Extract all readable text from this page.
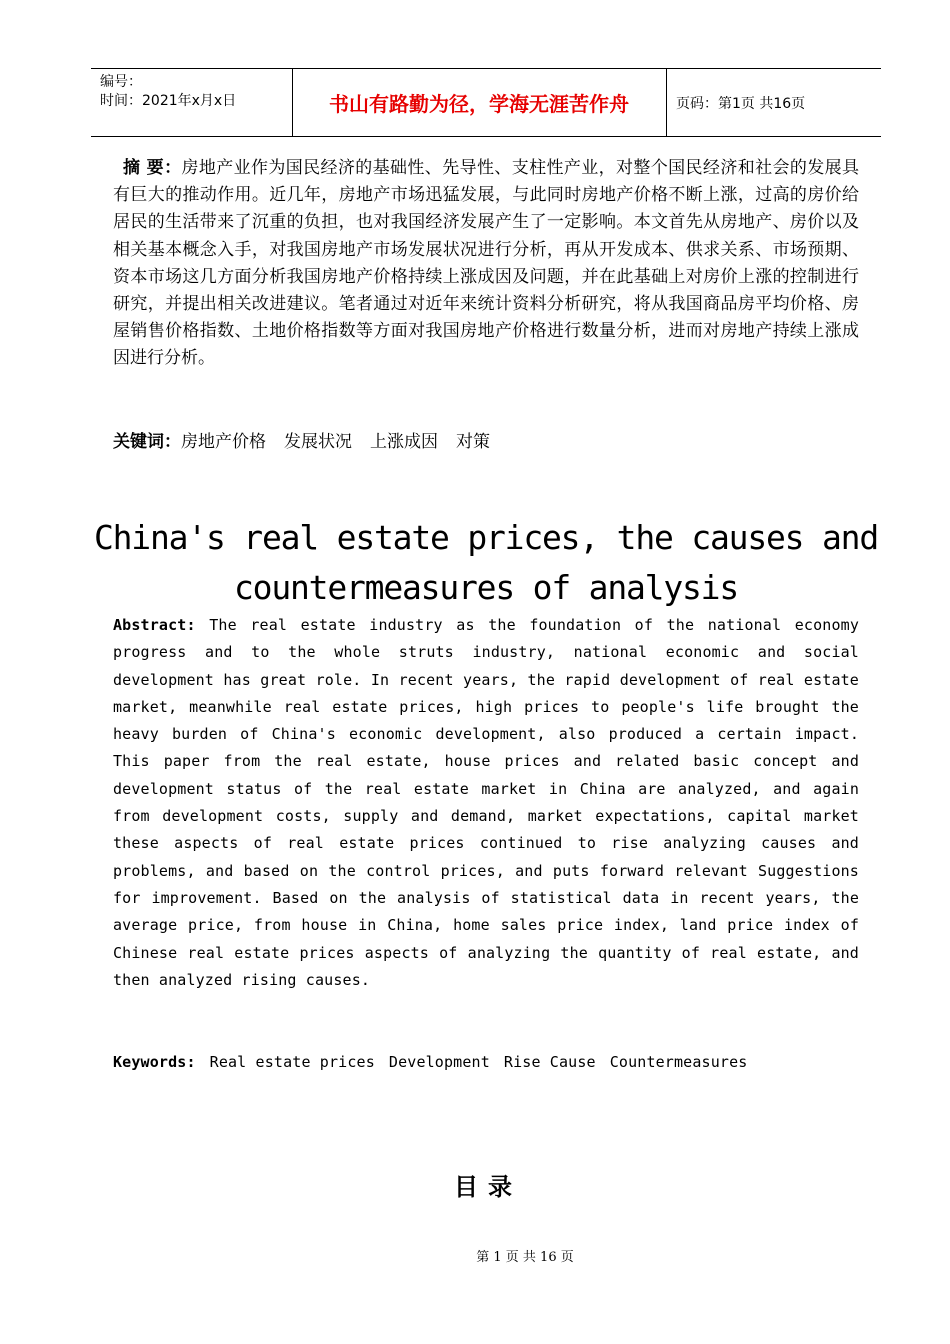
编号：
时间：2021年x月x日	书山有路勤为径，学海无涯苦作舟	页码：第1页 共16页
摘 要：房地产业作为国民经济的基础性、先导性、支柱性产业，对整个国民经济和社会的发展具有巨大的推动作用。近几年，房地产市场迅猛发展，与此同时房地产价格不断上涨，过高的房价给居民的生活带来了沉重的负担，也对我国经济发展产生了一定影响。本文首先从房地产、房价以及相关基本概念入手，对我国房地产市场发展状况进行分析，再从开发成本、供求关系、市场预期、资本市场这几方面分析我国房地产价格持续上涨成因及问题，并在此基础上对房价上涨的控制进行研究，并提出相关改进建议。笔者通过对近年来统计资料分析研究，将从我国商品房平均价格、房屋销售价格指数、土地价格指数等方面对我国房地产价格进行数量分析，进而对房地产持续上涨成因进行分析。
关键词：房地产价格 发展状况 上涨成因 对策
China's real estate prices, the causes and
countermeasures of analysis
Abstract: The real estate industry as the foundation of the national economy progress and to the whole struts industry, national economic and social development has great role. In recent years, the rapid development of real estate market, meanwhile real estate prices, high prices to people's life brought the heavy burden of China's economic development, also produced a certain impact. This paper from the real estate, house prices and related basic concept and development status of the real estate market in China are analyzed, and again from development costs, supply and demand, market expectations, capital market these aspects of real estate prices continued to rise analyzing causes and problems, and based on the control prices, and puts forward relevant Suggestions for improvement. Based on the analysis of statistical data in recent years, the average price, from house in China, home sales price index, land price index of Chinese real estate prices aspects of analyzing the quantity of real estate, and then analyzed rising causes.
Keywords: Real estate prices Development Rise Cause Countermeasures
目录
第 1 页 共 16 页
